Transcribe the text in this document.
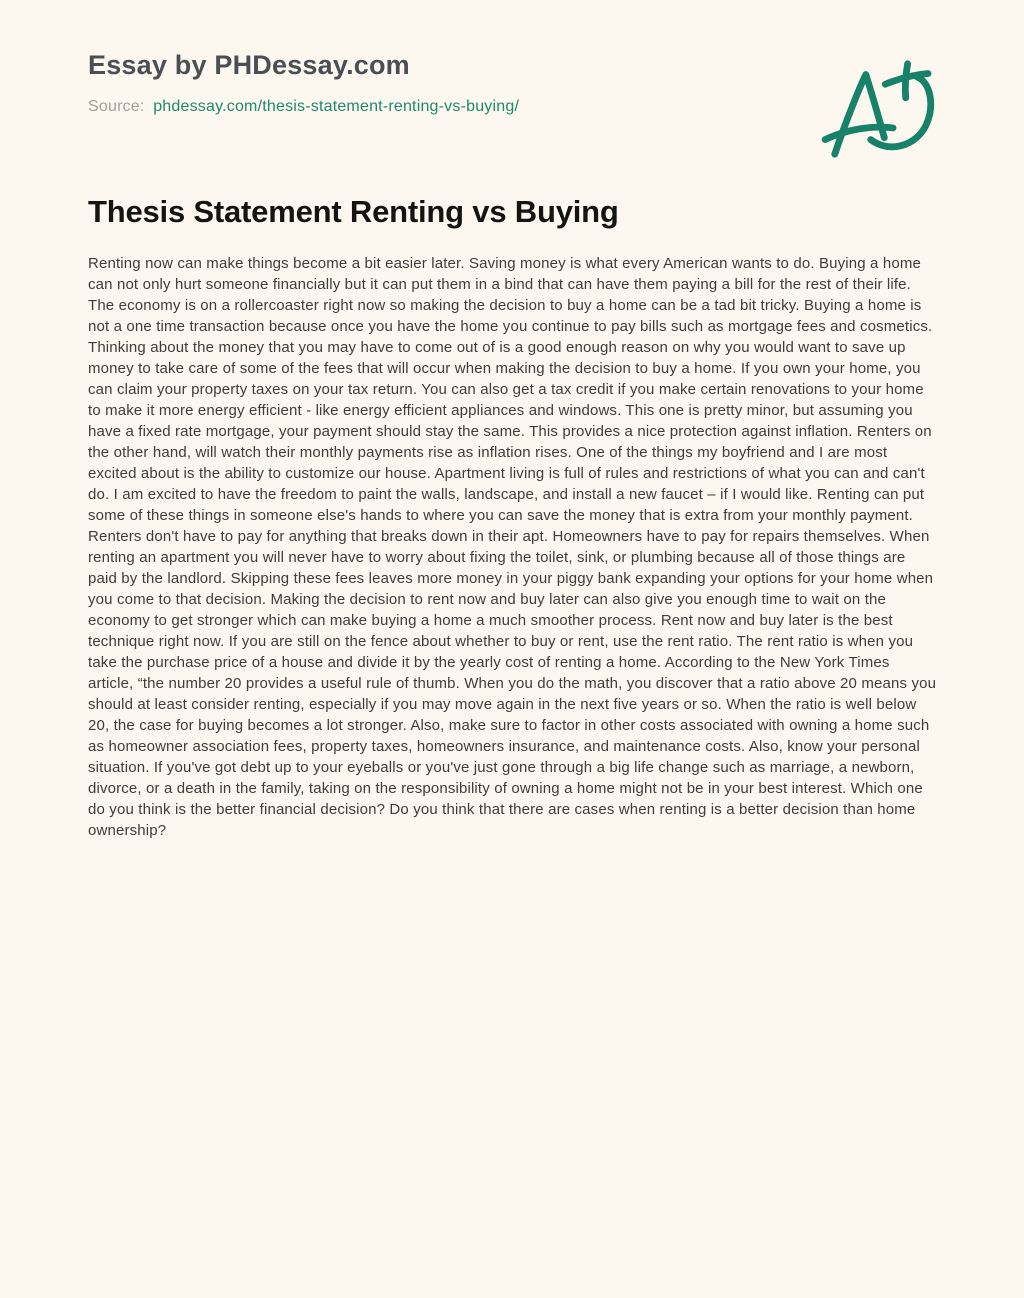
Essay by PHDessay.com

Source: phdessay.com/thesis-statement-renting-vs-buying/

Thesis Statement Renting vs Buying

Renting now can make things become a bit easier later. Saving money is what every American wants to do. Buying a home can not only hurt someone financially but it can put them in a bind that can have them paying a bill for the rest of their life. The economy is on a rollercoaster right now so making the decision to buy a home can be a tad bit tricky. Buying a home is not a one time transaction because once you have the home you continue to pay bills such as mortgage fees and cosmetics. Thinking about the money that you may have to come out of is a good enough reason on why you would want to save up money to take care of some of the fees that will occur when making the decision to buy a home. If you own your home, you can claim your property taxes on your tax return. You can also get a tax credit if you make certain renovations to your home to make it more energy efficient - like energy efficient appliances and windows. This one is pretty minor, but assuming you have a fixed rate mortgage, your payment should stay the same. This provides a nice protection against inflation. Renters on the other hand, will watch their monthly payments rise as inflation rises. One of the things my boyfriend and I are most excited about is the ability to customize our house. Apartment living is full of rules and restrictions of what you can and can't do. I am excited to have the freedom to paint the walls, landscape, and install a new faucet – if I would like. Renting can put some of these things in someone else's hands to where you can save the money that is extra from your monthly payment. Renters don't have to pay for anything that breaks down in their apt. Homeowners have to pay for repairs themselves. When renting an apartment you will never have to worry about fixing the toilet, sink, or plumbing because all of those things are paid by the landlord. Skipping these fees leaves more money in your piggy bank expanding your options for your home when you come to that decision. Making the decision to rent now and buy later can also give you enough time to wait on the economy to get stronger which can make buying a home a much smoother process. Rent now and buy later is the best technique right now. If you are still on the fence about whether to buy or rent, use the rent ratio. The rent ratio is when you take the purchase price of a house and divide it by the yearly cost of renting a home. According to the New York Times article, “the number 20 provides a useful rule of thumb. When you do the math, you discover that a ratio above 20 means you should at least consider renting, especially if you may move again in the next five years or so. When the ratio is well below 20, the case for buying becomes a lot stronger. Also, make sure to factor in other costs associated with owning a home such as homeowner association fees, property taxes, homeowners insurance, and maintenance costs. Also, know your personal situation. If you've got debt up to your eyeballs or you've just gone through a big life change such as marriage, a newborn, divorce, or a death in the family, taking on the responsibility of owning a home might not be in your best interest. Which one do you think is the better financial decision? Do you think that there are cases when renting is a better decision than home ownership?
